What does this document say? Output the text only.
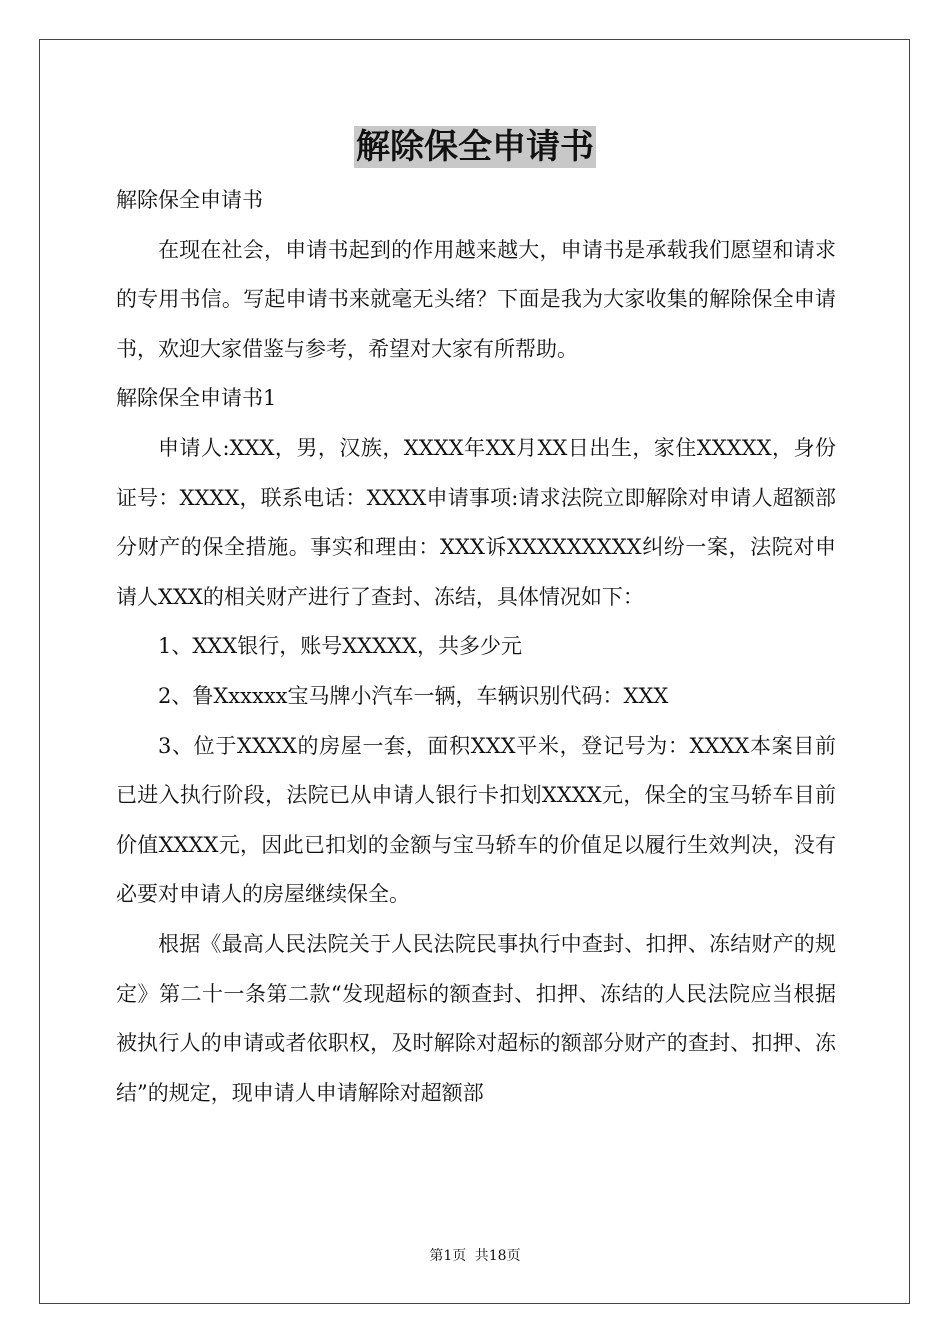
解除保全申请书

解除保全申请书

在现在社会，申请书起到的作用越来越大，申请书是承载我们愿望和请求的专用书信。写起申请书来就毫无头绪？下面是我为大家收集的解除保全申请书，欢迎大家借鉴与参考，希望对大家有所帮助。

解除保全申请书1

申请人:XXX，男，汉族，XXXX年XX月XX日出生，家住XXXXX，身份证号：XXXX，联系电话：XXXX申请事项:请求法院立即解除对申请人超额部分财产的保全措施。事实和理由：XXX诉XXXXXXXXX纠纷一案，法院对申请人XXX的相关财产进行了查封、冻结，具体情况如下：

1、XXX银行，账号XXXXX，共多少元

2、鲁Xxxxxx宝马牌小汽车一辆，车辆识别代码：XXX

3、位于XXXX的房屋一套，面积XXX平米，登记号为：XXXX本案目前已进入执行阶段，法院已从申请人银行卡扣划XXXX元，保全的宝马轿车目前价值XXXX元，因此已扣划的金额与宝马轿车的价值足以履行生效判决，没有必要对申请人的房屋继续保全。

根据《最高人民法院关于人民法院民事执行中查封、扣押、冻结财产的规定》第二十一条第二款“发现超标的额查封、扣押、冻结的人民法院应当根据被执行人的申请或者依职权，及时解除对超标的额部分财产的查封、扣押、冻结”的规定，现申请人申请解除对超额部

第1页 共18页
